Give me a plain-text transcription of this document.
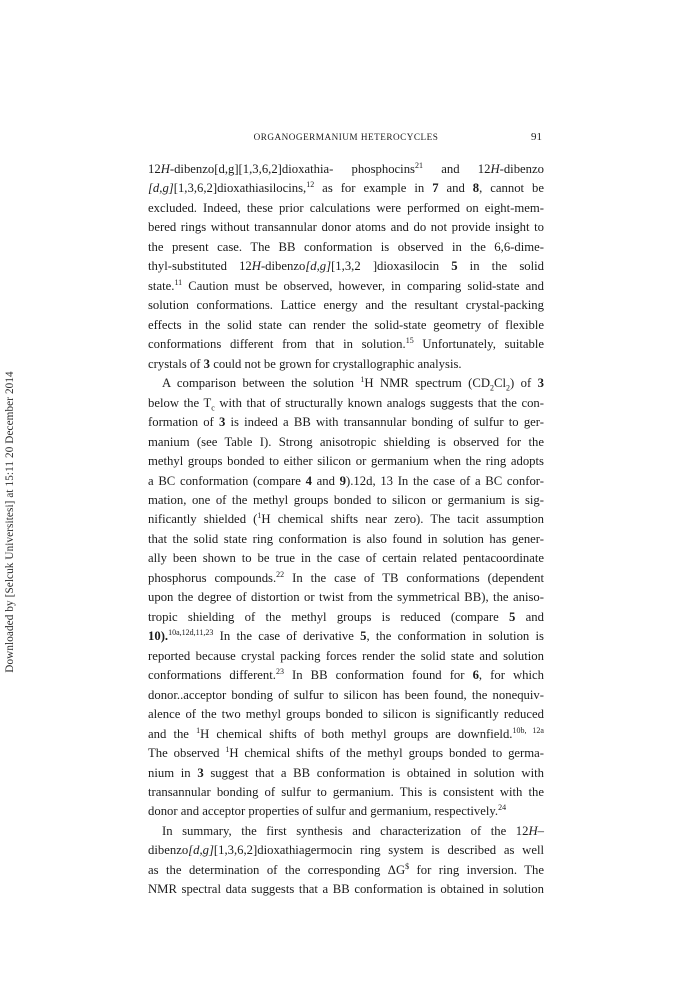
Downloaded by [Selcuk Universitesi] at 15:11 20 December 2014
ORGANOGERMANIUM HETEROCYCLES	91
12H-dibenzo[d,g][1,3,6,2]dioxathia- phosphocins$^{21}$ and 12H-dibenzo
[d,g][1,3,6,2]dioxathiasilocins,$^{12}$ as for example in 7 and 8, cannot be
excluded. Indeed, these prior calculations were performed on eight-mem-
bered rings without transannular donor atoms and do not provide insight to
the present case. The BB conformation is observed in the 6,6-dime-
thyl-substituted 12H-dibenzo[d,g][1,3,2 ]dioxasilocin 5 in the solid
state.$^{11}$ Caution must be observed, however, in comparing solid-state and
solution conformations. Lattice energy and the resultant crystal-packing
effects in the solid state can render the solid-state geometry of flexible
conformations different from that in solution.$^{15}$ Unfortunately, suitable
crystals of 3 could not be grown for crystallographic analysis.
A comparison between the solution $^1$H NMR spectrum $(CD_2Cl_2)$ of 3
below the $T_c$ with that of structurally known analogs suggests that the con-
formation of 3 is indeed a BB with transannular bonding of sulfur to ger-
manium (see Table I). Strong anisotropic shielding is observed for the
methyl groups bonded to either silicon or germanium when the ring adopts
a BC conformation (compare 4 and 9).12d, 13 In the case of a BC confor-
mation, one of the methyl groups bonded to silicon or germanium is sig-
nificantly shielded ($^1$H chemical shifts near zero). The tacit assumption
that the solid state ring conformation is also found in solution has gener-
ally been shown to be true in the case of certain related pentacoordinate
phosphorus compounds.$^{22}$ In the case of TB conformations (dependent
upon the degree of distortion or twist from the symmetrical BB), the aniso-
tropic shielding of the methyl groups is reduced (compare 5 and
10).$^{10a,12d,11,23}$ In the case of derivative 5, the conformation in solution is
reported because crystal packing forces render the solid state and solution
conformations different.$^{23}$ In BB conformation found for 6, for which
donor..acceptor bonding of sulfur to silicon has been found, the nonequiv-
alence of the two methyl groups bonded to silicon is significantly reduced
and the $^1$H chemical shifts of both methyl groups are downfield.$^{10b, 12a}$
The observed $^1$H chemical shifts of the methyl groups bonded to germa-
nium in 3 suggest that a BB conformation is obtained in solution with
transannular bonding of sulfur to germanium. This is consistent with the
donor and acceptor properties of sulfur and germanium, respectively.$^{24}$
In summary, the first synthesis and characterization of the 12H–
dibenzo[d,g][1,3,6,2]dioxathiagermocin ring system is described as well
as the determination of the corresponding ΔG$ for ring inversion. The
NMR spectral data suggests that a BB conformation is obtained in solution
